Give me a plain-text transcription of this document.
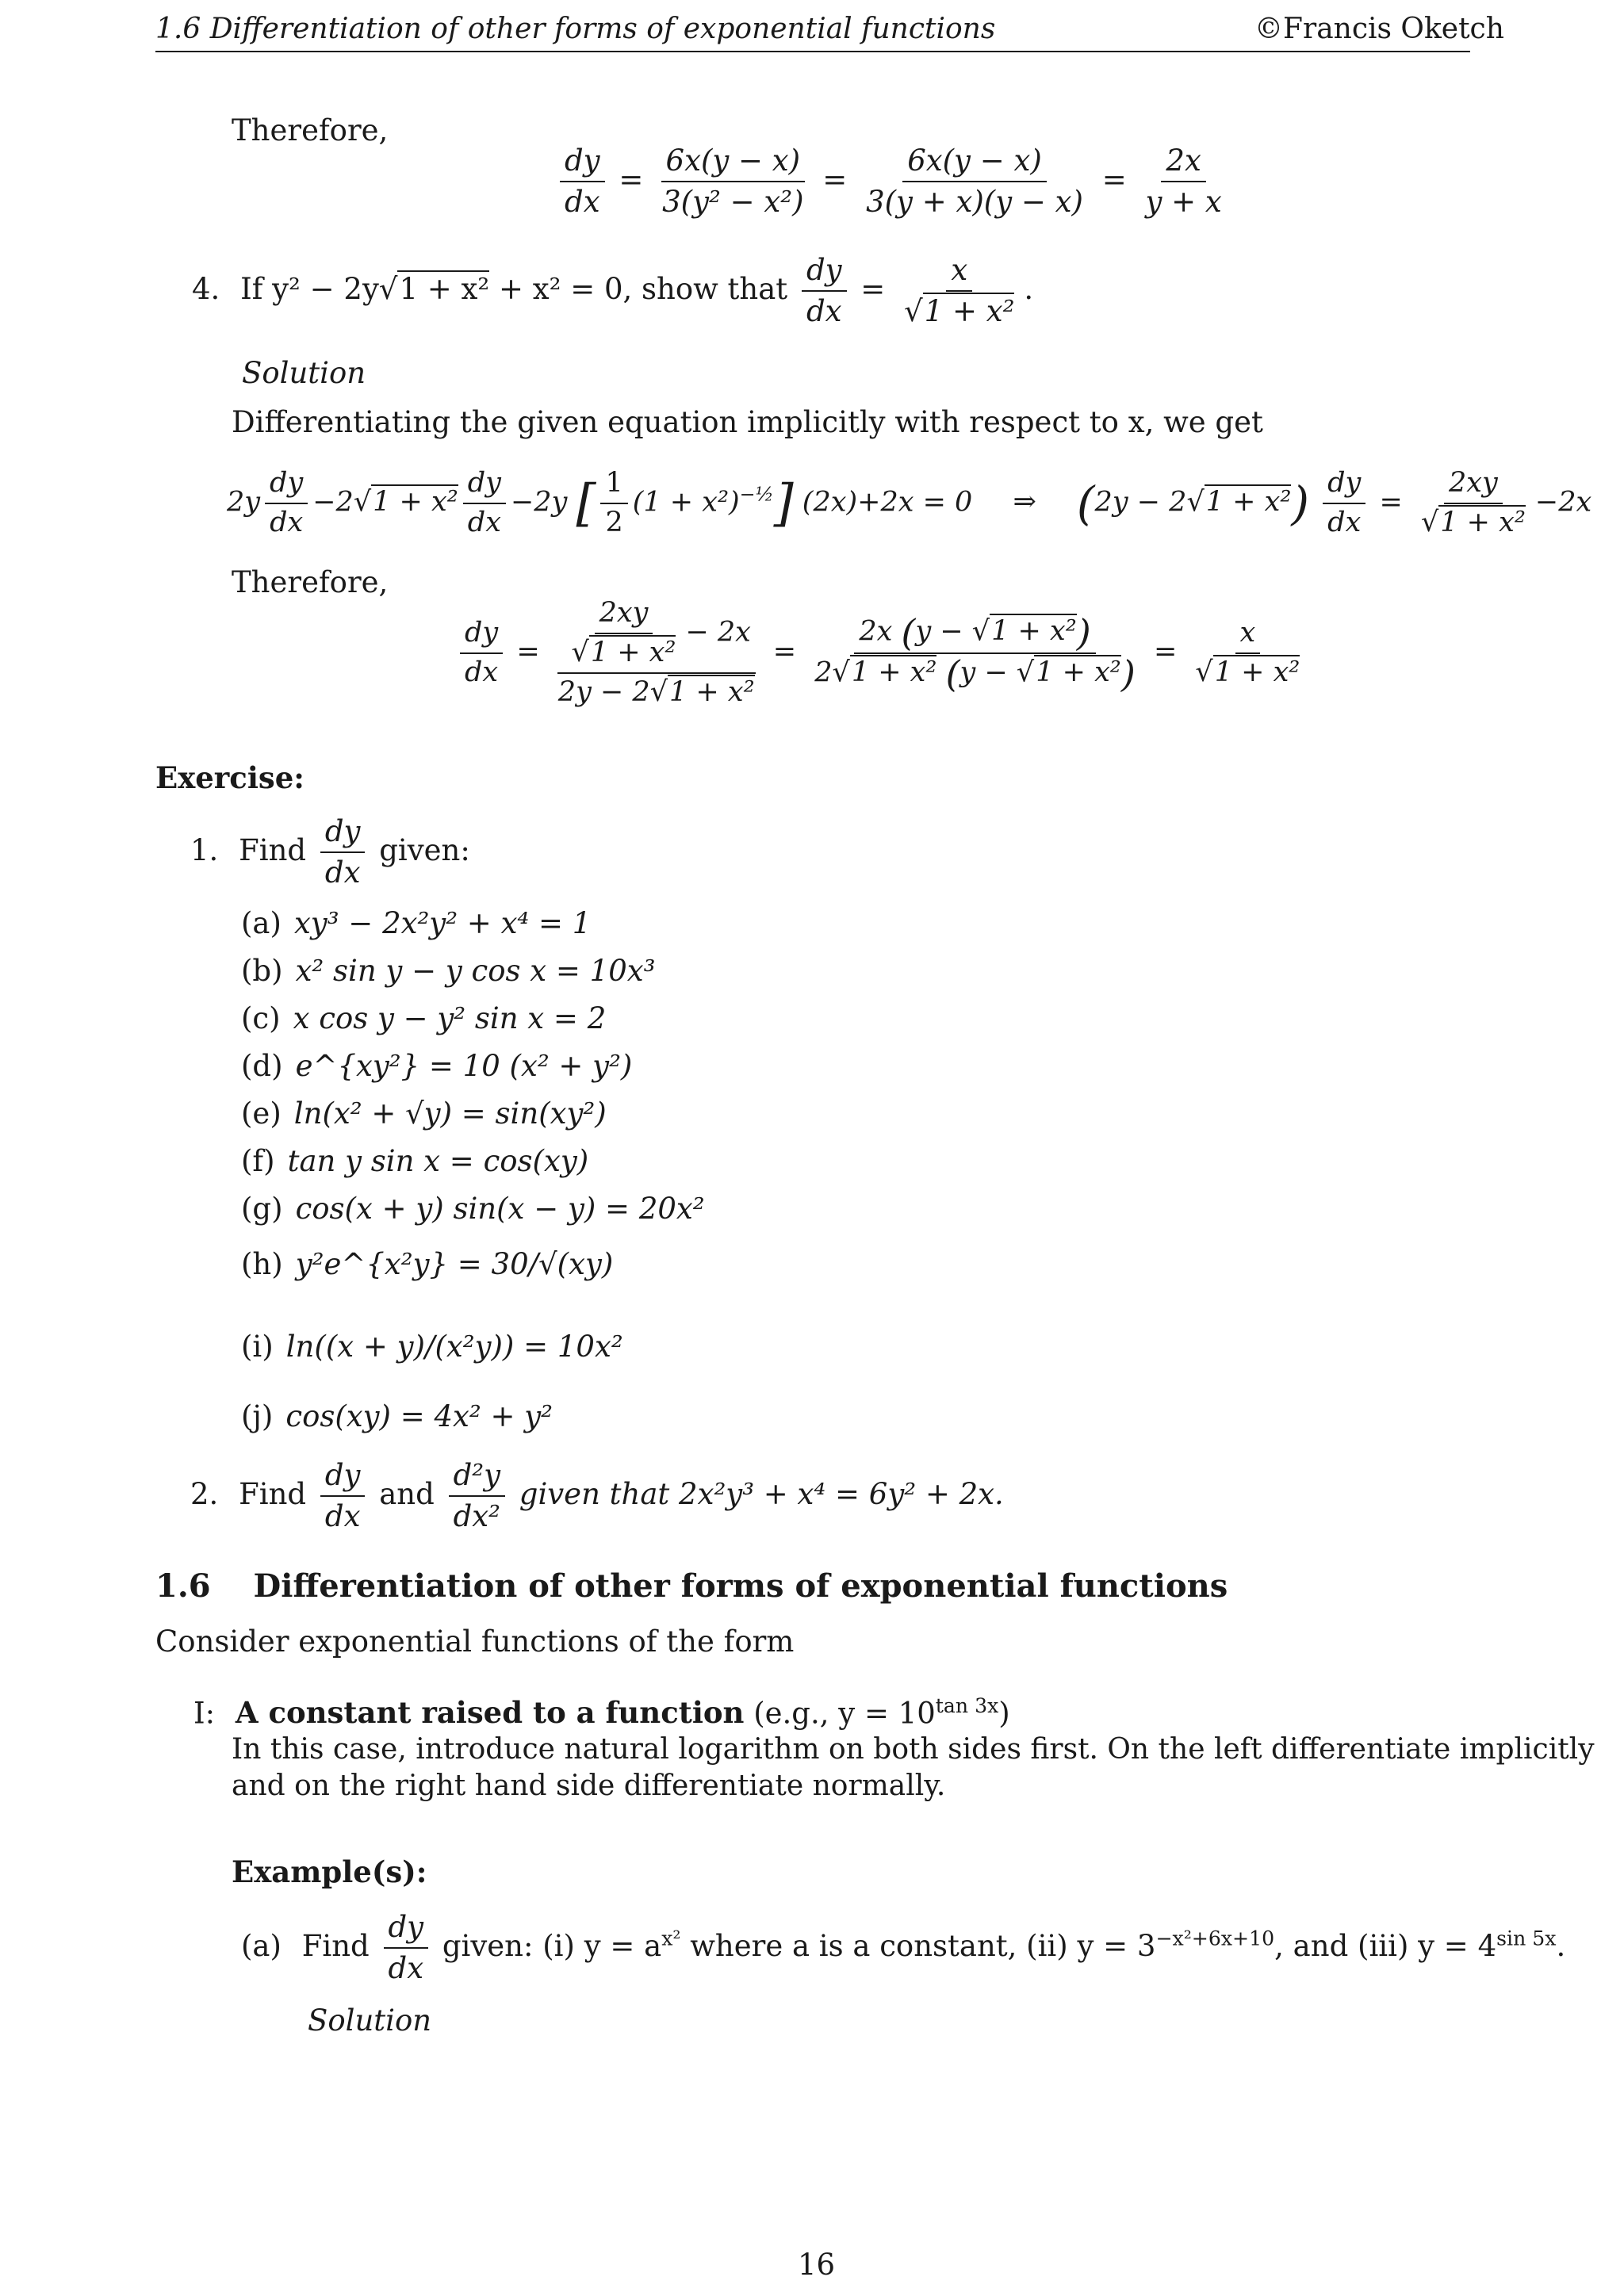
1.6 Differentiation of other forms of exponential functions	©Francis Oketch
Therefore,
$\frac{dy}{dx} = \frac{6x(y - x)}{\text{3(y² − x²)}} = \frac{6x(y - x)}{3(y + x)(y - x)} = \frac{2x}{y + x}$
4. If y² − 2y√1 + x² + x² = 0, show that $\frac{dy}{dx} = \frac{x}{\text{√1 + x²}}$ .
Solution
Differentiating the given equation implicitly with respect to x, we get
$2y \frac{dy}{dx} -2√1 + x^2 \frac{dy}{dx} -2y$ [ $\frac{1}{2} (1 + x^2)^{-\frac{1}{2}}$] (2x)+2x = 0 ⇒ $(2y - 2√1 + x^2) \frac{dy}{dx} = \frac{2xy}{\text{√1 + x²}} -2x$
Therefore,
$\frac{dy}{dx} = \frac{\frac{2xy}{\text{√1 + x²}} - 2x}{\text{2y − 2√1 + x²}} = \frac{\text{2x (y − √1 + x²)}}{\text{2√1 + x² (y − √1 + x²)}} = \frac{x}{\text{√1 + x²}}$
Exercise:
1. Find $\frac{dy}{dx}$ given:
(a) xy³ − 2x²y² + x⁴ = 1
(b) x² sin y − y cos x = 10x³
(c) x cos y − y² sin x = 2
(d) e^{xy²} = 10 (x² + y²)
(e) ln(x² + √y) = sin(xy²)
(f) tan y sin x = cos(xy)
(g) cos(x + y) sin(x − y) = 20x²
(h) y²e^{x²y} = 30/√(xy)
(i) ln((x + y)/(x²y)) = 10x²
(j) cos(xy) = 4x² + y²
2. Find $\frac{dy}{dx}$ and $\frac{\text{d²y}}{\text{dx²}}$ given that 2x²y³ + x⁴ = 6y² + 2x.
1.6 Differentiation of other forms of exponential functions
Consider exponential functions of the form
I: A constant raised to a function (e.g., $y = 10^{tan 3x}$)
In this case, introduce natural logarithm on both sides first. On the left differentiate implicitly
and on the right hand side differentiate normally.
Example(s):
(a) Find $\frac{dy}{dx}$ given: (i) $y = a^{x^2}$ where a is a constant, (ii) $y = 3^{-x^2+6x+10}$, and (iii) $y = 4^{sin 5x}$.
Solution
16
